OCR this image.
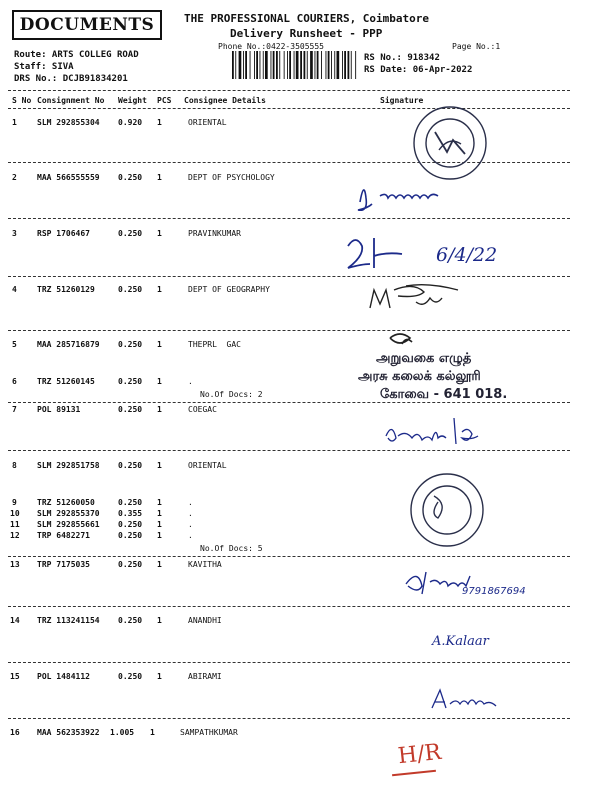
DOCUMENTS	THE PROFESSIONAL COURIERS, Coimbatore
Delivery Runsheet - PPP
Phone No.:0422-3505555	Page No.:1
Route: ARTS COLLEG ROAD
Staff: SIVA
DRS No.: DCJB91834201
RS No.: 918342
RS Date: 06-Apr-2022
S No Consignment No Weight PCS Consignee Details	Signature
1	SLM 292855304 0.920 1	ORIENTAL
2	MAA 566555559 0.250 1	DEPT OF PSYCHOLOGY
3	RSP 1706467	0.250 1	PRAVINKUMAR
4	TRZ 51260129	0.250 1	DEPT OF GEOGRAPHY
5	MAA 285716879 0.250 1	THEPRL  GAC
6	TRZ 51260145	0.250 1	.
No.Of Docs: 2
7	POL 89131	0.250 1	COEGAC
8	SLM 292851758 0.250 1	ORIENTAL
9	TRZ 51260050	0.250 1	.
10 SLM 292855370 0.355 1	.
11 SLM 292855661 0.250 1	.
12 TRP 6482271	0.250 1	.
No.Of Docs: 5
13 TRP 7175035	0.250 1	KAVITHA
14 TRZ 113241154 0.250 1	ANANDHI
15 POL 1484112	0.250 1	ABIRAMI
16 MAA 562353922 1.005 1	SAMPATHKUMAR
6/4/22
அறுவகை எழுத்
அரசு கலைக் கல்லூரி
கோவை - 641 018.
9791867694
A.Kalaar
H/R
